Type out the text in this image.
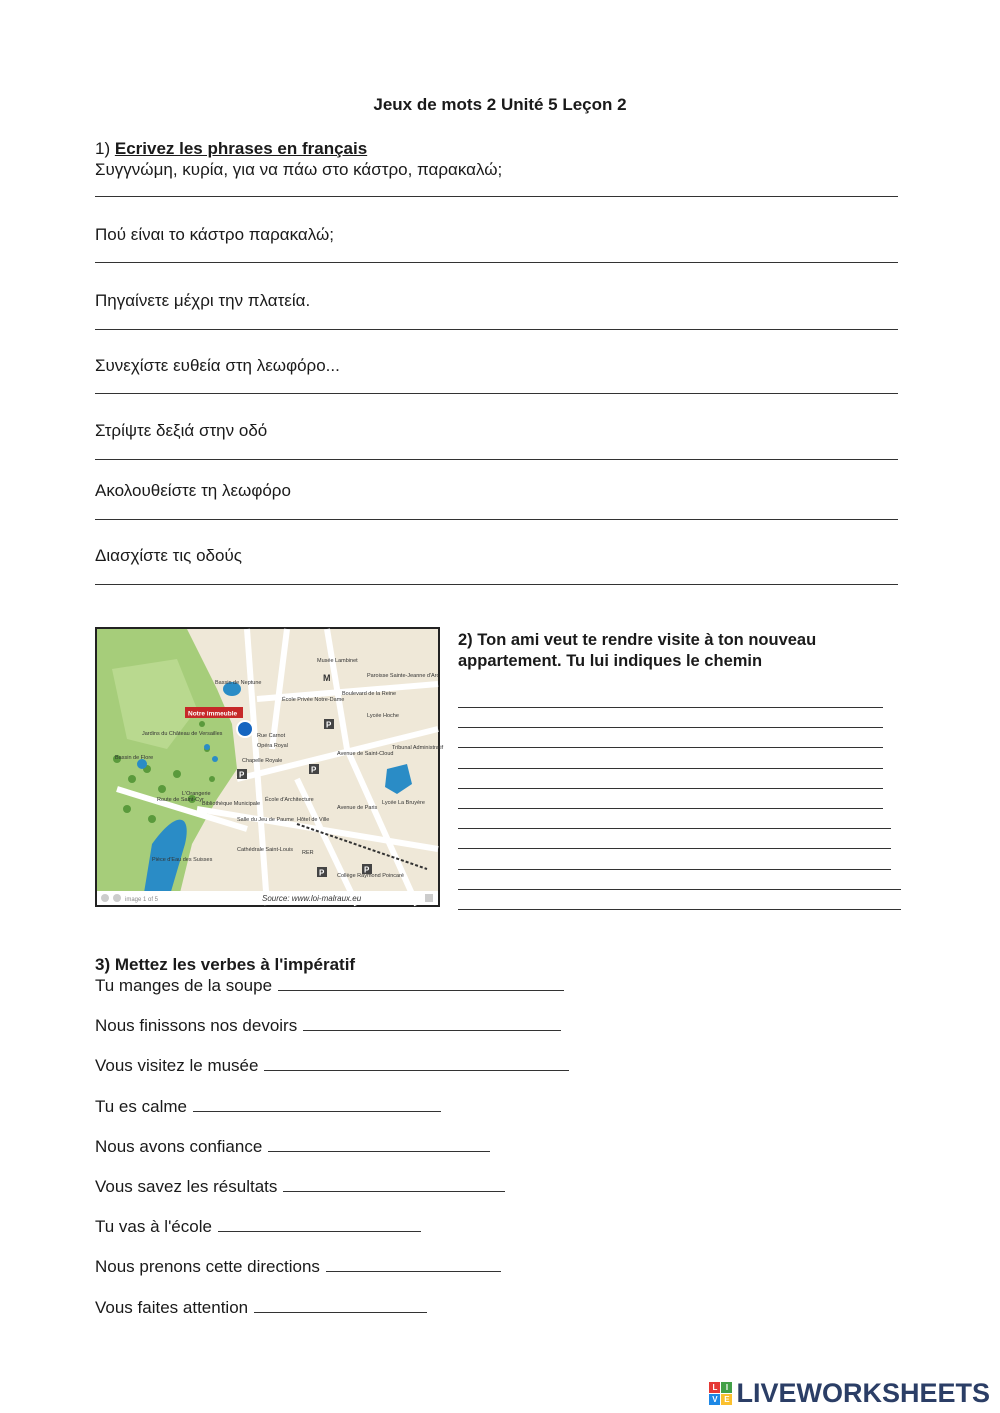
Jeux de mots 2 Unité 5 Leçon 2
1) Ecrivez les phrases en français
Συγγνώμη, κυρία, για να πάω στο κάστρο, παρακαλώ;
Πού είναι το κάστρο παρακαλώ;
Πηγαίνετε μέχρι την πλατεία.
Συνεχίστε ευθεία στη λεωφόρο...
Στρίψτε δεξιά στην οδό
Ακολουθείστε τη λεωφόρο
Διασχίστε τις οδούς
Notre immeuble
P
P
P
P	P
M
Musée Lambinet
Paroisse Sainte-Jeanne d'Arc
École Privée Notre-Dame
Lycée Hoche
Tribunal Administratif
Opéra Royal
Chapelle Royale
Jardins du Château de Versailles
Bassin de Flore
L'Orangerie
Bibliothèque Municipale
École d'Architecture
Salle du Jeu de Paume Hôtel de Ville
Lycée La Bruyère
Cathédrale Saint-Louis RER
Collège Raymond Poincaré
Pièce d'Eau des Suisses
Bassin de Neptune
Boulevard de la Reine
Avenue de Saint-Cloud
Avenue de Paris
Rue Carnot
Route de Saint-Cyr
image 1 of 5	Source: www.loi-malraux.eu
2) Ton ami veut te rendre visite à ton nouveau appartement. Tu lui indiques le chemin
3) Mettez les verbes à l'impératif
Tu manges de la soupe
Nous finissons nos devoirs
Vous visitez le musée
Tu es calme
Nous avons confiance
Vous savez les résultats
Tu vas à l'école
Nous prenons cette directions
Vous faites attention
L	I
V E LIVEWORKSHEETS
